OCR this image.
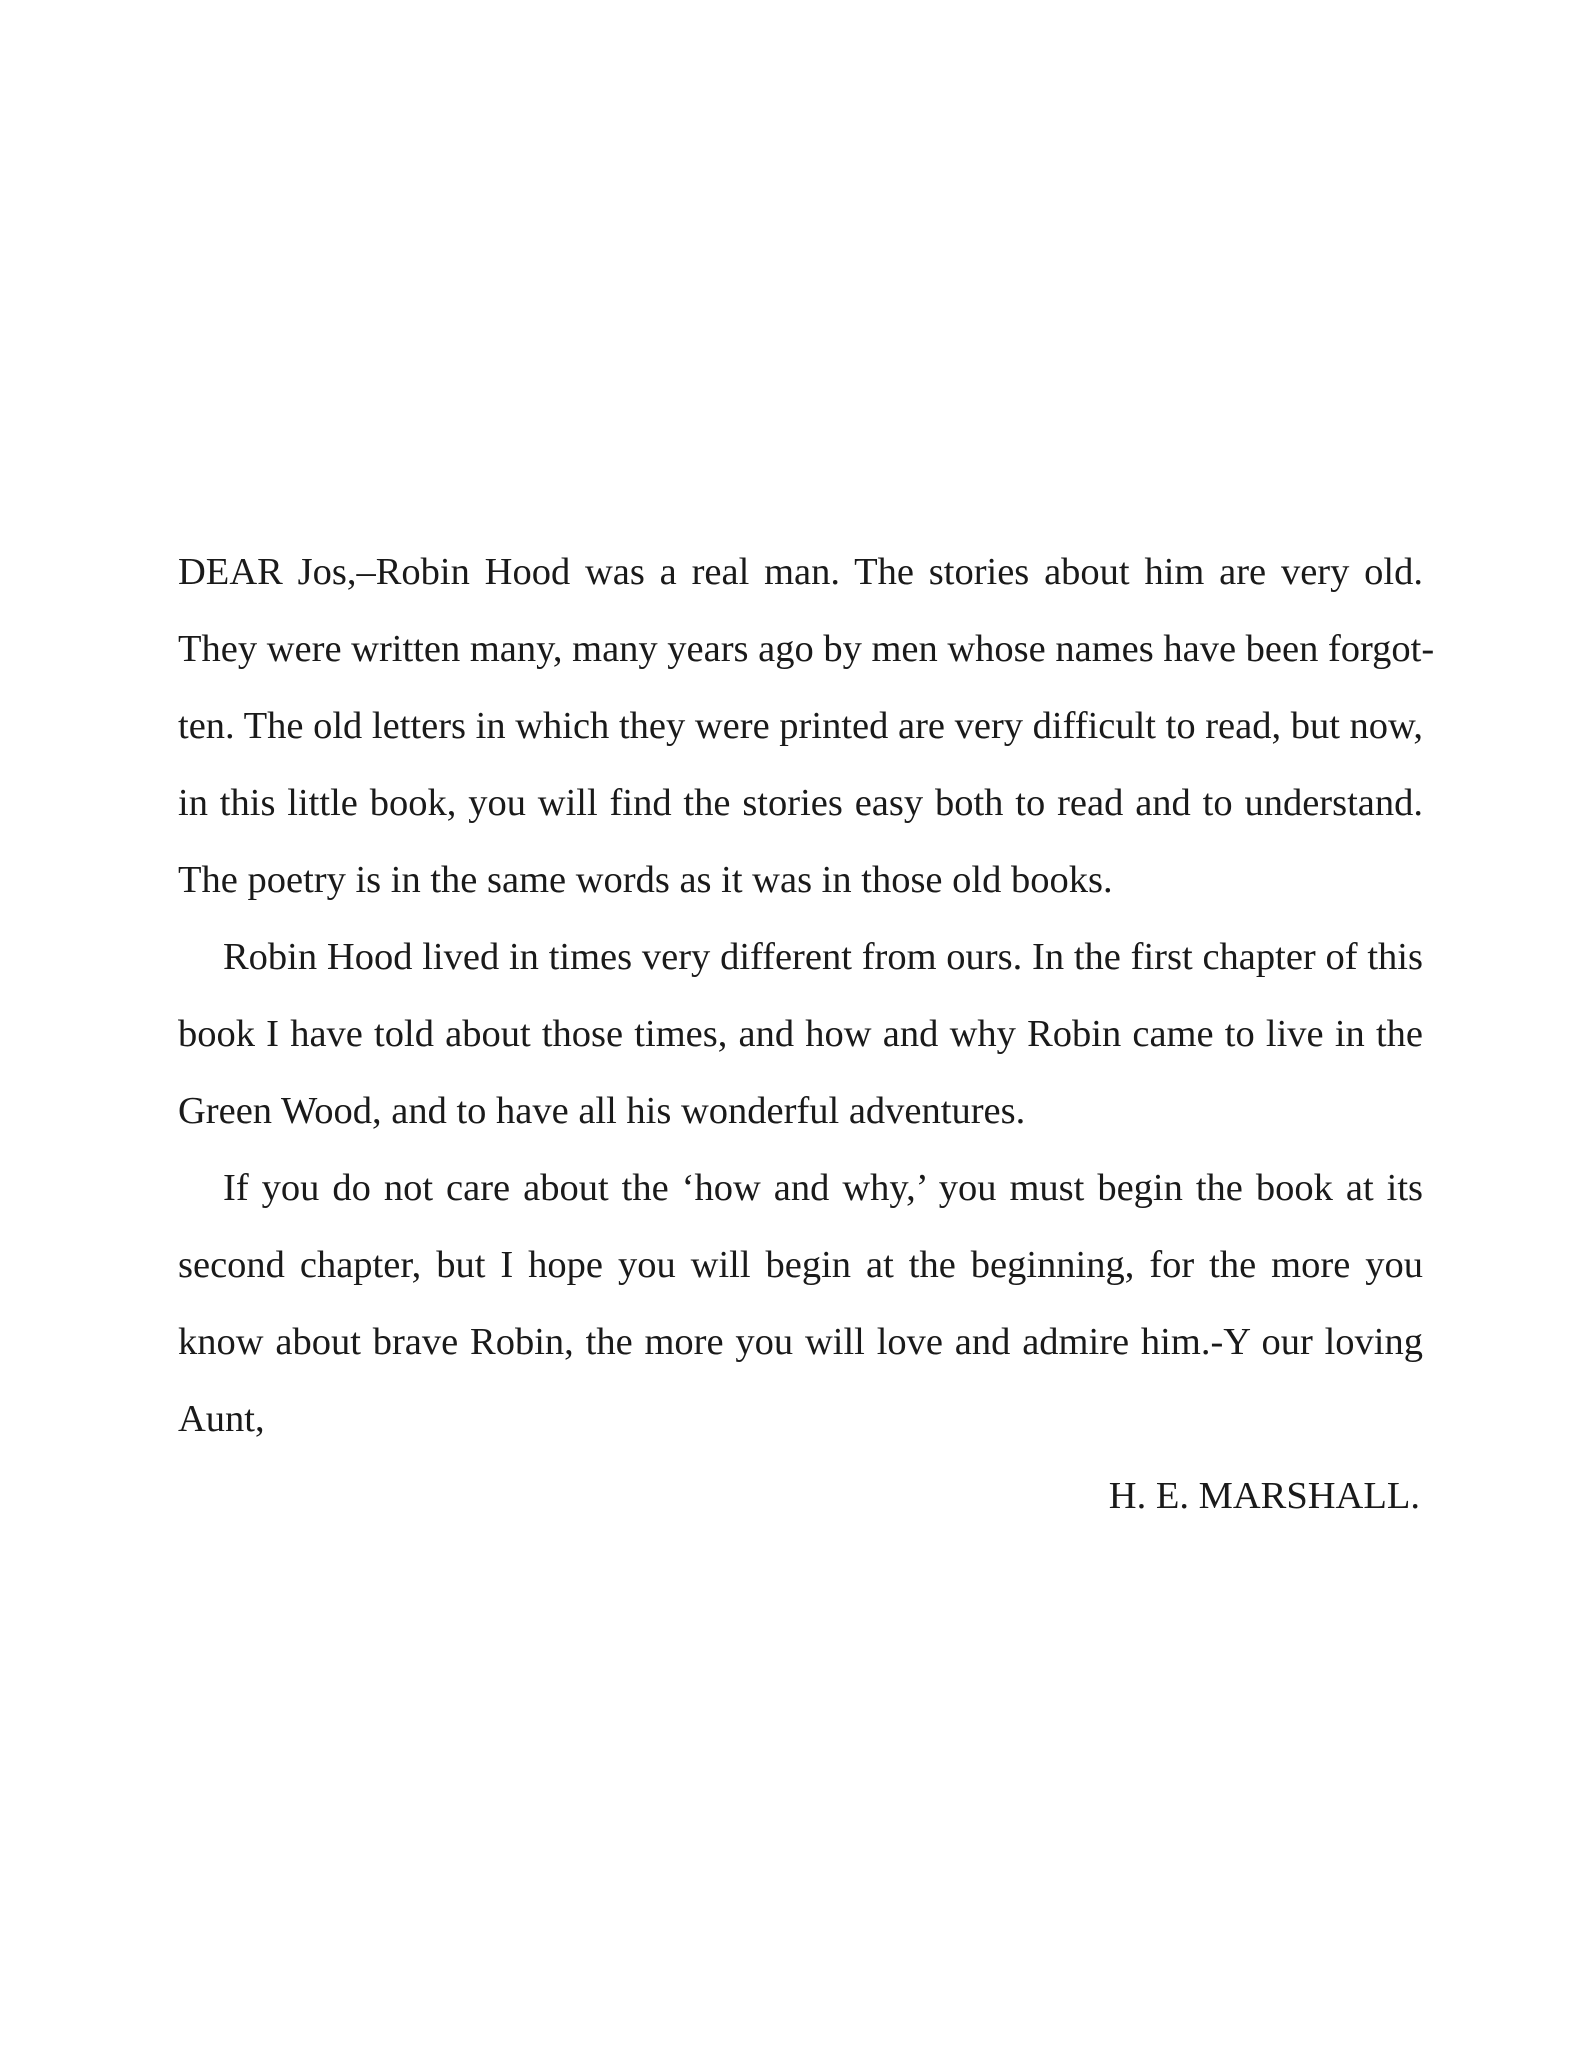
DEAR Jos,–Robin Hood was a real man. The stories about him are very old.
They were written many, many years ago by men whose names have been forgot-
ten. The old letters in which they were printed are very difficult to read, but now,
in this little book, you will find the stories easy both to read and to understand.
The poetry is in the same words as it was in those old books.
Robin Hood lived in times very different from ours. In the first chapter of this
book I have told about those times, and how and why Robin came to live in the
Green Wood, and to have all his wonderful adventures.
If you do not care about the ‘how and why,’ you must begin the book at its
second chapter, but I hope you will begin at the beginning, for the more you
know about brave Robin, the more you will love and admire him.-Y our loving
Aunt,
H. E. MARSHALL.
